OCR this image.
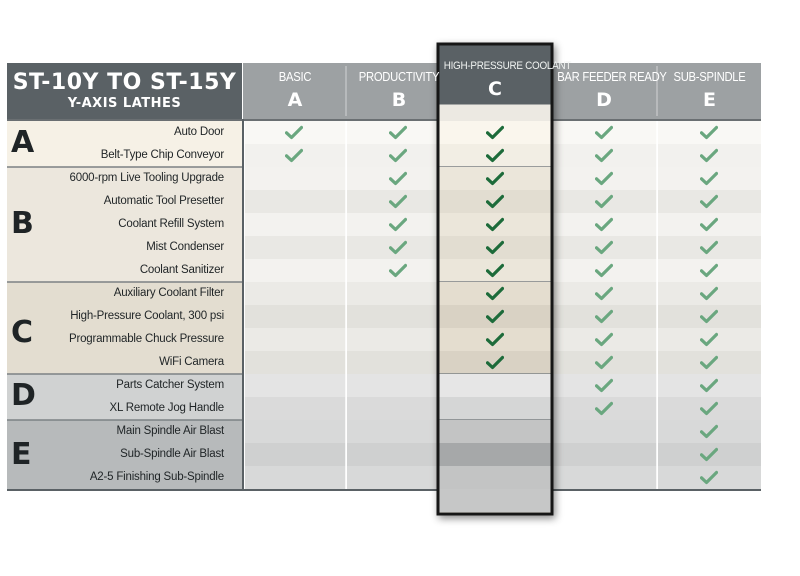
ST-10Y TO ST-15Y
Y-AXIS LATHES
A
B
C
D
E
Auto Door
Belt-Type Chip Conveyor
6000-rpm Live Tooling Upgrade
Automatic Tool Presetter
Coolant Refill System
Mist Condenser
Coolant Sanitizer
Auxiliary Coolant Filter
High-Pressure Coolant, 300 psi
Programmable Chuck Pressure
WiFi Camera
Parts Catcher System
XL Remote Jog Handle
Main Spindle Air Blast
Sub-Spindle Air Blast
A2-5 Finishing Sub-Spindle
BASIC
A
PRODUCTIVITY
B
HIGH-PRESSURE COOLANT
C
BAR FEEDER READY
D
SUB-SPINDLE
E
